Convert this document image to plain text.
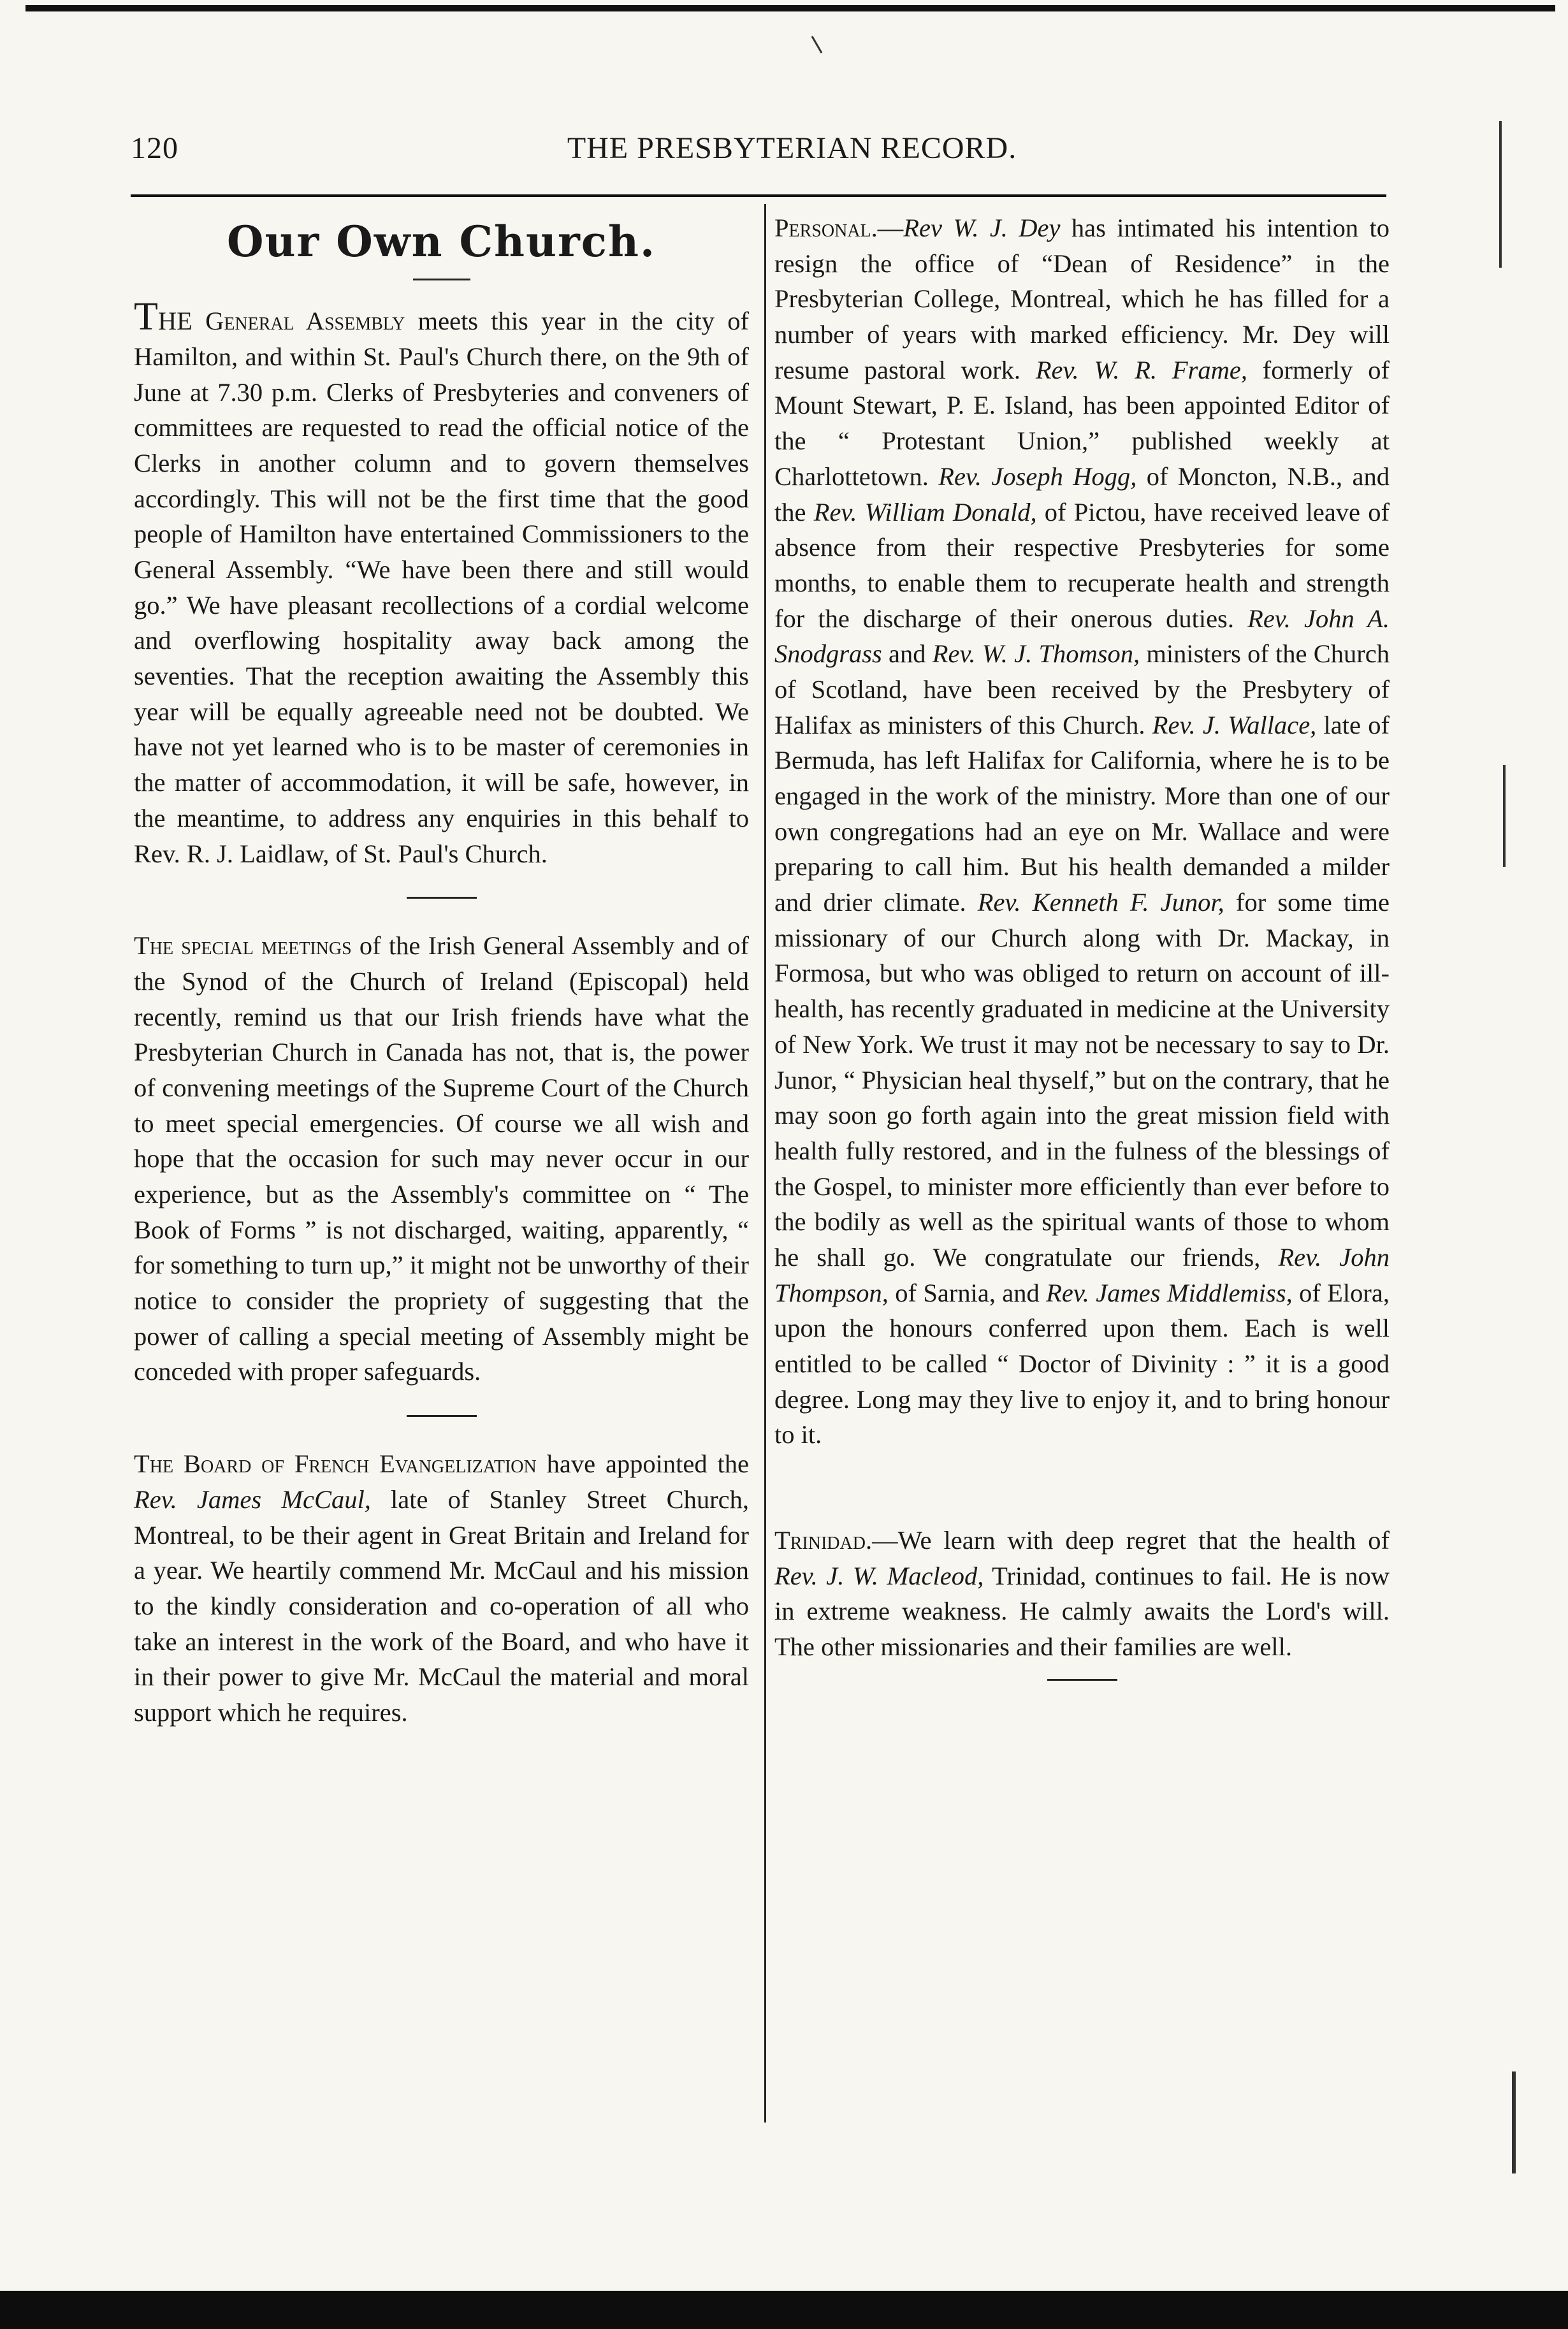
120	THE PRESBYTERIAN RECORD.
Our Own Church.

THE General Assembly meets this year in the city of Hamilton, and within St. Paul's Church there, on the 9th of June at 7.30 p.m. Clerks of Presbyteries and conveners of committees are requested to read the official notice of the Clerks in another column and to govern themselves accordingly. This will not be the first time that the good people of Hamilton have entertained Commissioners to the General Assembly. “We have been there and still would go.” We have pleasant recollections of a cordial welcome and overflowing hospitality away back among the seventies. That the reception awaiting the Assembly this year will be equally agreeable need not be doubted. We have not yet learned who is to be master of ceremonies in the matter of accommodation, it will be safe, however, in the meantime, to address any enquiries in this behalf to Rev. R. J. Laidlaw, of St. Paul's Church.

The special meetings of the Irish General Assembly and of the Synod of the Church of Ireland (Episcopal) held recently, remind us that our Irish friends have what the Presbyterian Church in Canada has not, that is, the power of convening meetings of the Supreme Court of the Church to meet special emergencies. Of course we all wish and hope that the occasion for such may never occur in our experience, but as the Assembly's committee on “ The Book of Forms ” is not discharged, waiting, apparently, “ for something to turn up,” it might not be unworthy of their notice to consider the propriety of suggesting that the power of calling a special meeting of Assembly might be conceded with proper safeguards.

The Board of French Evangelization have appointed the Rev. James McCaul, late of Stanley Street Church, Montreal, to be their agent in Great Britain and Ireland for a year. We heartily commend Mr. McCaul and his mission to the kindly consideration and co-operation of all who take an interest in the work of the Board, and who have it in their power to give Mr. McCaul the material and moral support which he requires.

Personal.—Rev W. J. Dey has intimated his intention to resign the office of “Dean of Residence” in the Presbyterian College, Montreal, which he has filled for a number of years with marked efficiency. Mr. Dey will resume pastoral work. Rev. W. R. Frame, formerly of Mount Stewart, P. E. Island, has been appointed Editor of the “ Protestant Union,” published weekly at Charlottetown. Rev. Joseph Hogg, of Moncton, N.B., and the Rev. William Donald, of Pictou, have received leave of absence from their respective Presbyteries for some months, to enable them to recuperate health and strength for the discharge of their onerous duties. Rev. John A. Snodgrass and Rev. W. J. Thomson, ministers of the Church of Scotland, have been received by the Presbytery of Halifax as ministers of this Church. Rev. J. Wallace, late of Bermuda, has left Halifax for California, where he is to be engaged in the work of the ministry. More than one of our own congregations had an eye on Mr. Wallace and were preparing to call him. But his health demanded a milder and drier climate. Rev. Kenneth F. Junor, for some time missionary of our Church along with Dr. Mackay, in Formosa, but who was obliged to return on account of ill-health, has recently graduated in medicine at the University of New York. We trust it may not be necessary to say to Dr. Junor, “ Physician heal thyself,” but on the contrary, that he may soon go forth again into the great mission field with health fully restored, and in the fulness of the blessings of the Gospel, to minister more efficiently than ever before to the bodily as well as the spiritual wants of those to whom he shall go. We congratulate our friends, Rev. John Thompson, of Sarnia, and Rev. James Middlemiss, of Elora, upon the honours conferred upon them. Each is well entitled to be called “ Doctor of Divinity : ” it is a good degree. Long may they live to enjoy it, and to bring honour to it.

Trinidad.—We learn with deep regret that the health of Rev. J. W. Macleod, Trinidad, continues to fail. He is now in extreme weakness. He calmly awaits the Lord's will. The other missionaries and their families are well.
